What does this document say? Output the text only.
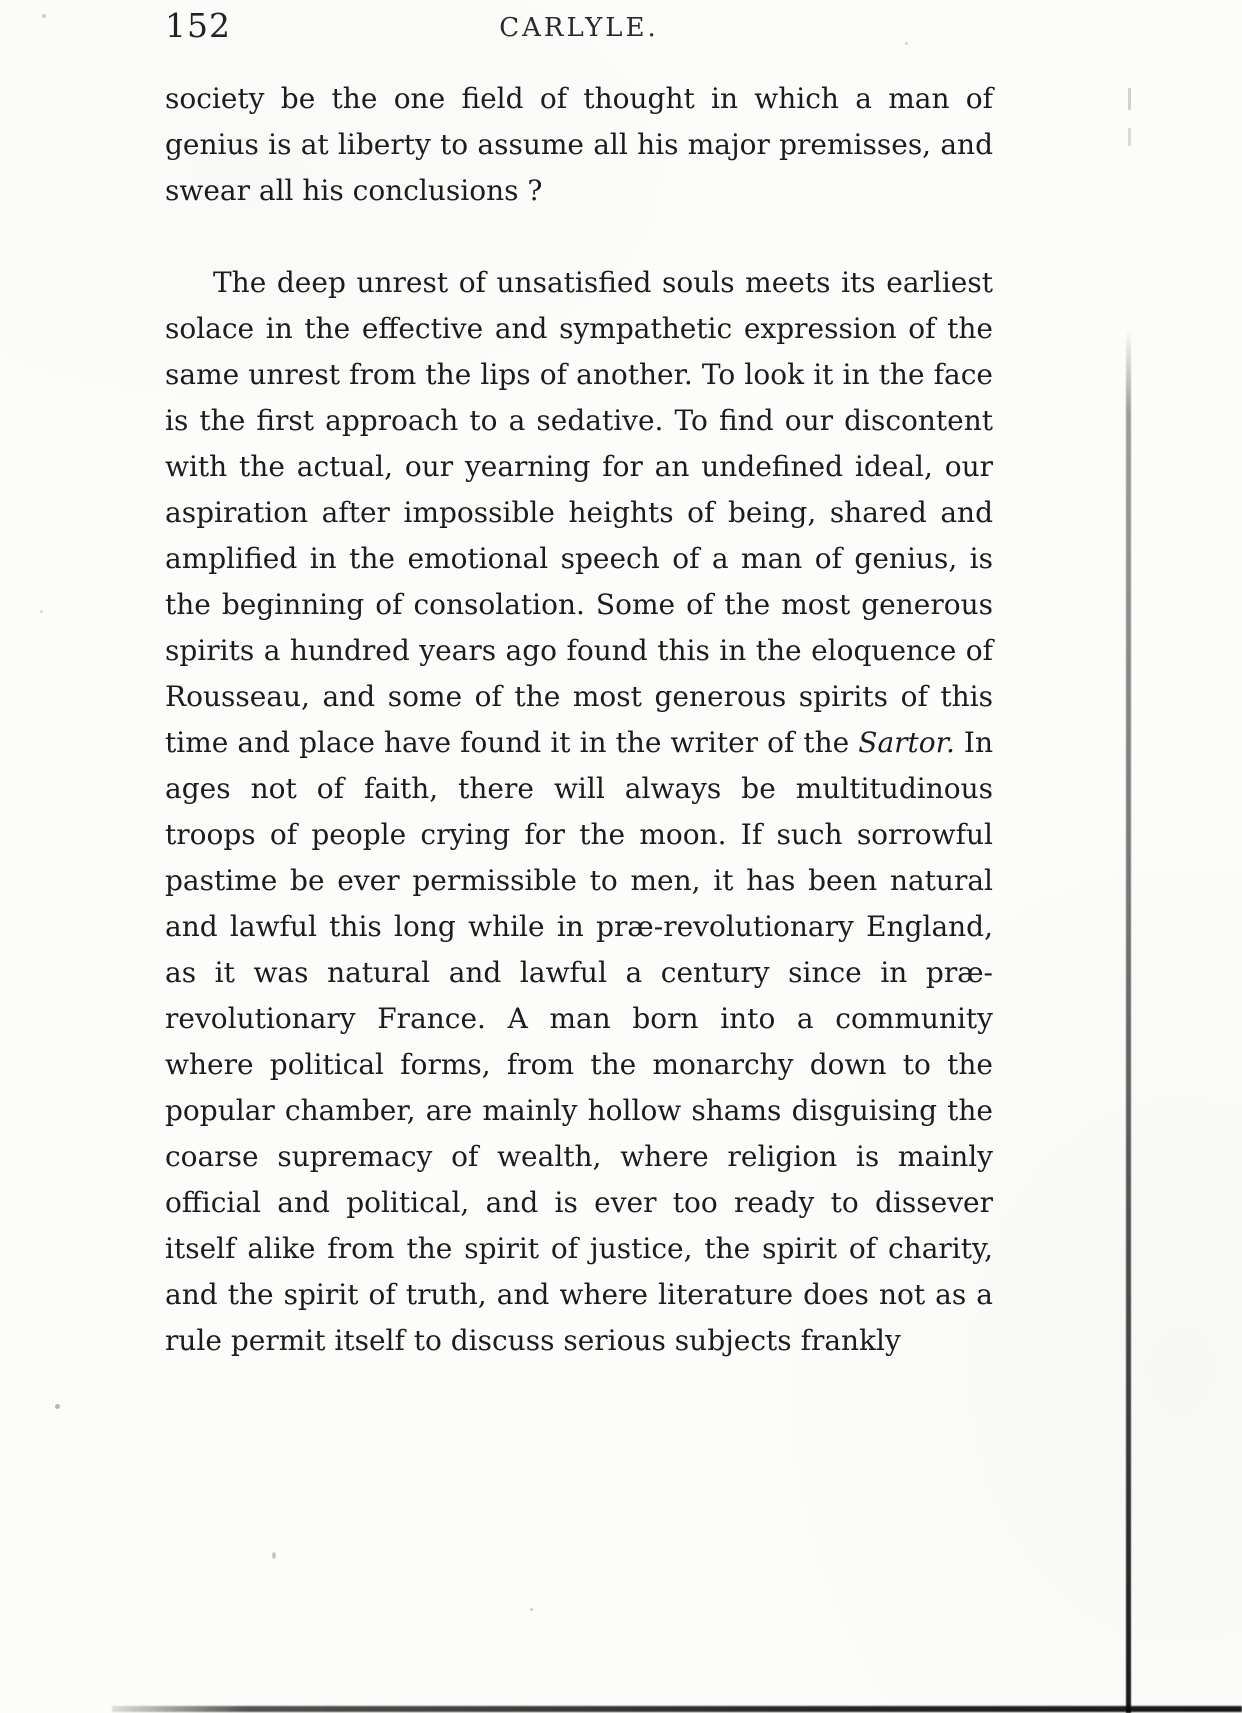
152	CARLYLE.

society be the one field of thought in which a man of genius is at liberty to assume all his major premisses, and swear all his conclusions ?

The deep unrest of unsatisfied souls meets its earliest solace in the effective and sympathetic expression of the same unrest from the lips of another. To look it in the face is the first approach to a sedative. To find our discontent with the actual, our yearning for an undefined ideal, our aspiration after impossible heights of being, shared and amplified in the emotional speech of a man of genius, is the beginning of consolation. Some of the most generous spirits a hundred years ago found this in the eloquence of Rousseau, and some of the most generous spirits of this time and place have found it in the writer of the Sartor. In ages not of faith, there will always be multitudinous troops of people crying for the moon. If such sorrowful pastime be ever permissible to men, it has been natural and lawful this long while in præ-revolutionary England, as it was natural and lawful a century since in præ-revolutionary France. A man born into a community where political forms, from the monarchy down to the popular chamber, are mainly hollow shams disguising the coarse supremacy of wealth, where religion is mainly official and political, and is ever too ready to dissever itself alike from the spirit of justice, the spirit of charity, and the spirit of truth, and where literature does not as a rule permit itself to discuss serious subjects frankly
